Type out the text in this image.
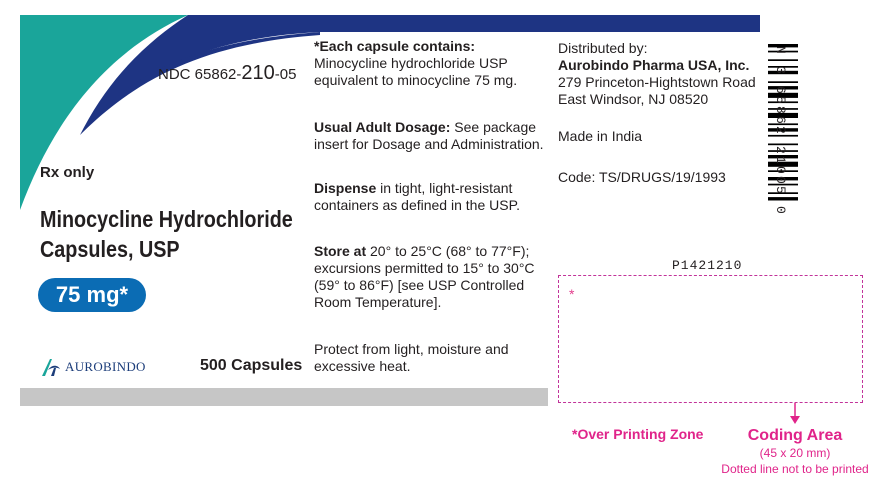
NDC 65862-210-05
Rx only
Minocycline Hydrochloride
Capsules, USP
75 mg*
AUROBINDO	500 Capsules
*Each capsule contains:
Minocycline hydrochloride USP equivalent to minocycline 75 mg.
Usual Adult Dosage: See package insert for Dosage and Administration.
Dispense in tight, light-resistant containers as defined in the USP.
Store at 20° to 25°C (68° to 77°F); excursions permitted to 15° to 30°C (59° to 86°F) [see USP Controlled Room Temperature].
Protect from light, moisture and excessive heat.
Distributed by:
Aurobindo Pharma USA, Inc.
279 Princeton-Hightstown Road
East Windsor, NJ 08520
Made in India
Code: TS/DRUGS/19/1993	N 3 65862 21005 0
P1421210
*
*Over Printing Zone	Coding Area
(45 x 20 mm)
Dotted line not to be printed
